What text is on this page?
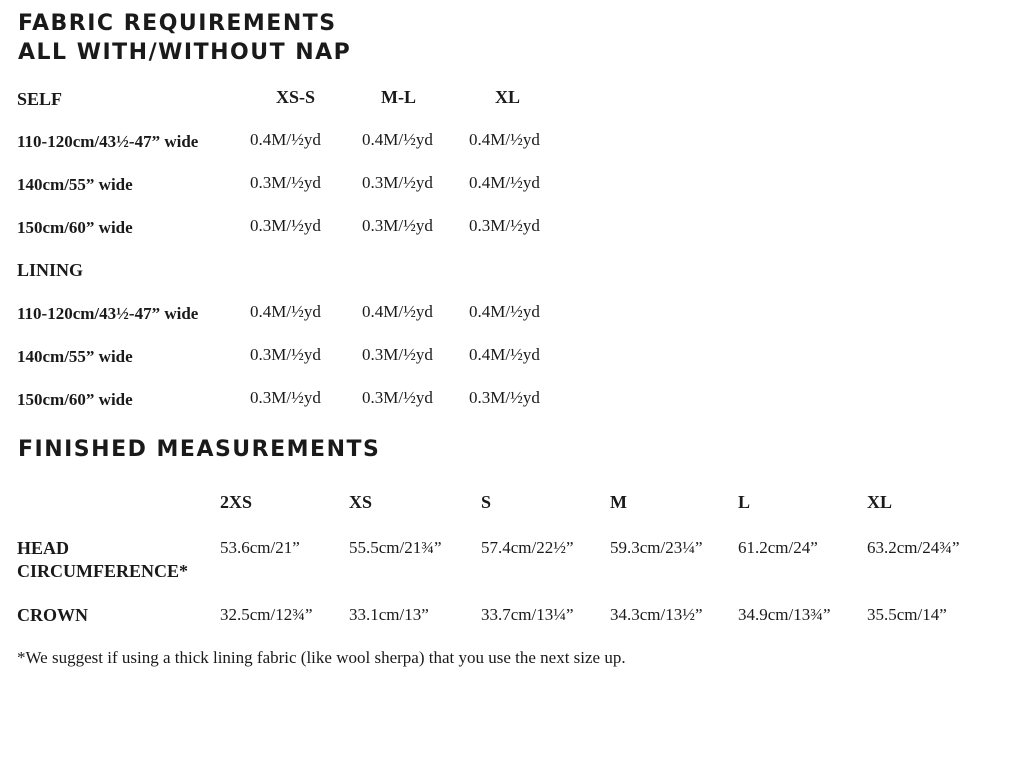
FABRIC REQUIREMENTS
ALL WITH/WITHOUT NAP
XS-S	M-L	XL
SELF
110-120cm/43½-47” wide	0.4M/½yd 0.4M/½yd 0.4M/½yd
140cm/55” wide	0.3M/½yd 0.3M/½yd 0.4M/½yd
150cm/60” wide	0.3M/½yd 0.3M/½yd 0.3M/½yd
LINING
110-120cm/43½-47” wide	0.4M/½yd 0.4M/½yd 0.4M/½yd
140cm/55” wide	0.3M/½yd 0.3M/½yd 0.4M/½yd
150cm/60” wide	0.3M/½yd 0.3M/½yd 0.3M/½yd
FINISHED MEASUREMENTS
2XS	XS	S	M	L	XL
HEAD CIRCUMFERENCE*
53.6cm/21”	55.5cm/21¾” 57.4cm/22½” 59.3cm/23¼” 61.2cm/24”	63.2cm/24¾”
CROWN	32.5cm/12¾” 33.1cm/13”	33.7cm/13¼” 34.3cm/13½” 34.9cm/13¾” 35.5cm/14”
*We suggest if using a thick lining fabric (like wool sherpa) that you use the next size up.
